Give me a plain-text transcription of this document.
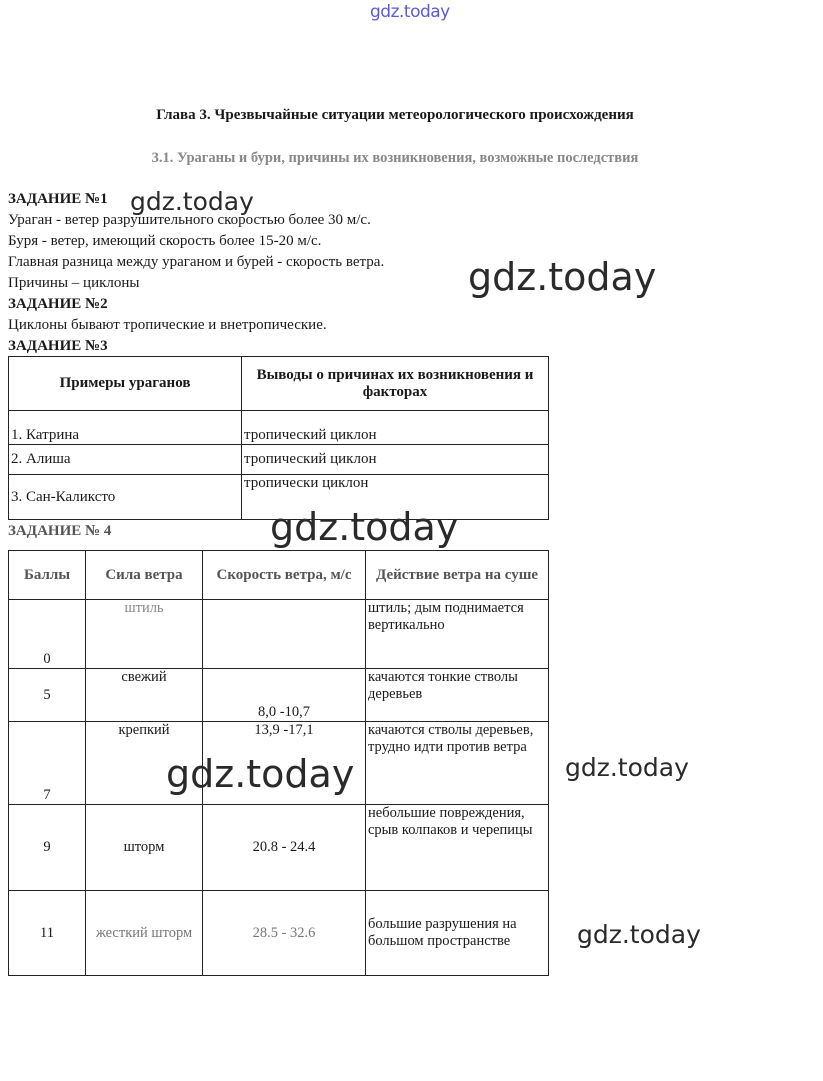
gdz.today
Глава 3. Чрезвычайные ситуации метеорологического происхождения
3.1. Ураганы и бури, причины их возникновения, возможные последствия
ЗАДАНИЕ №1
Ураган - ветер разрушительного скоростью более 30 м/с.
Буря - ветер, имеющий скорость более 15-20 м/с.
Главная разница между ураганом и бурей - скорость ветра.
Причины – циклоны
ЗАДАНИЕ №2
Циклоны бывают тропические и внетропические.
ЗАДАНИЕ №3
Примеры ураганов	Выводы о причинах их возникновения и факторах
1. Катрина	тропический циклон
2. Алиша	тропический циклон
3. Сан-Каликсто	тропически циклон
ЗАДАНИЕ № 4
Баллы	Сила ветра	Скорость ветра, м/с	Действие ветра на суше
0	штиль		штиль; дым поднимается вертикально
5	свежий	8,0 -10,7	качаются тонкие стволы деревьев
7	крепкий	13,9 -17,1	качаются стволы деревьев, трудно идти против ветра
9	шторм	20.8 - 24.4	небольшие повреждения, срыв колпаков и черепицы
11	жесткий шторм	28.5 - 32.6	большие разрушения на большом пространстве
gdz.today
gdz.today
gdz.today
gdz.today	gdz.today
gdz.today
